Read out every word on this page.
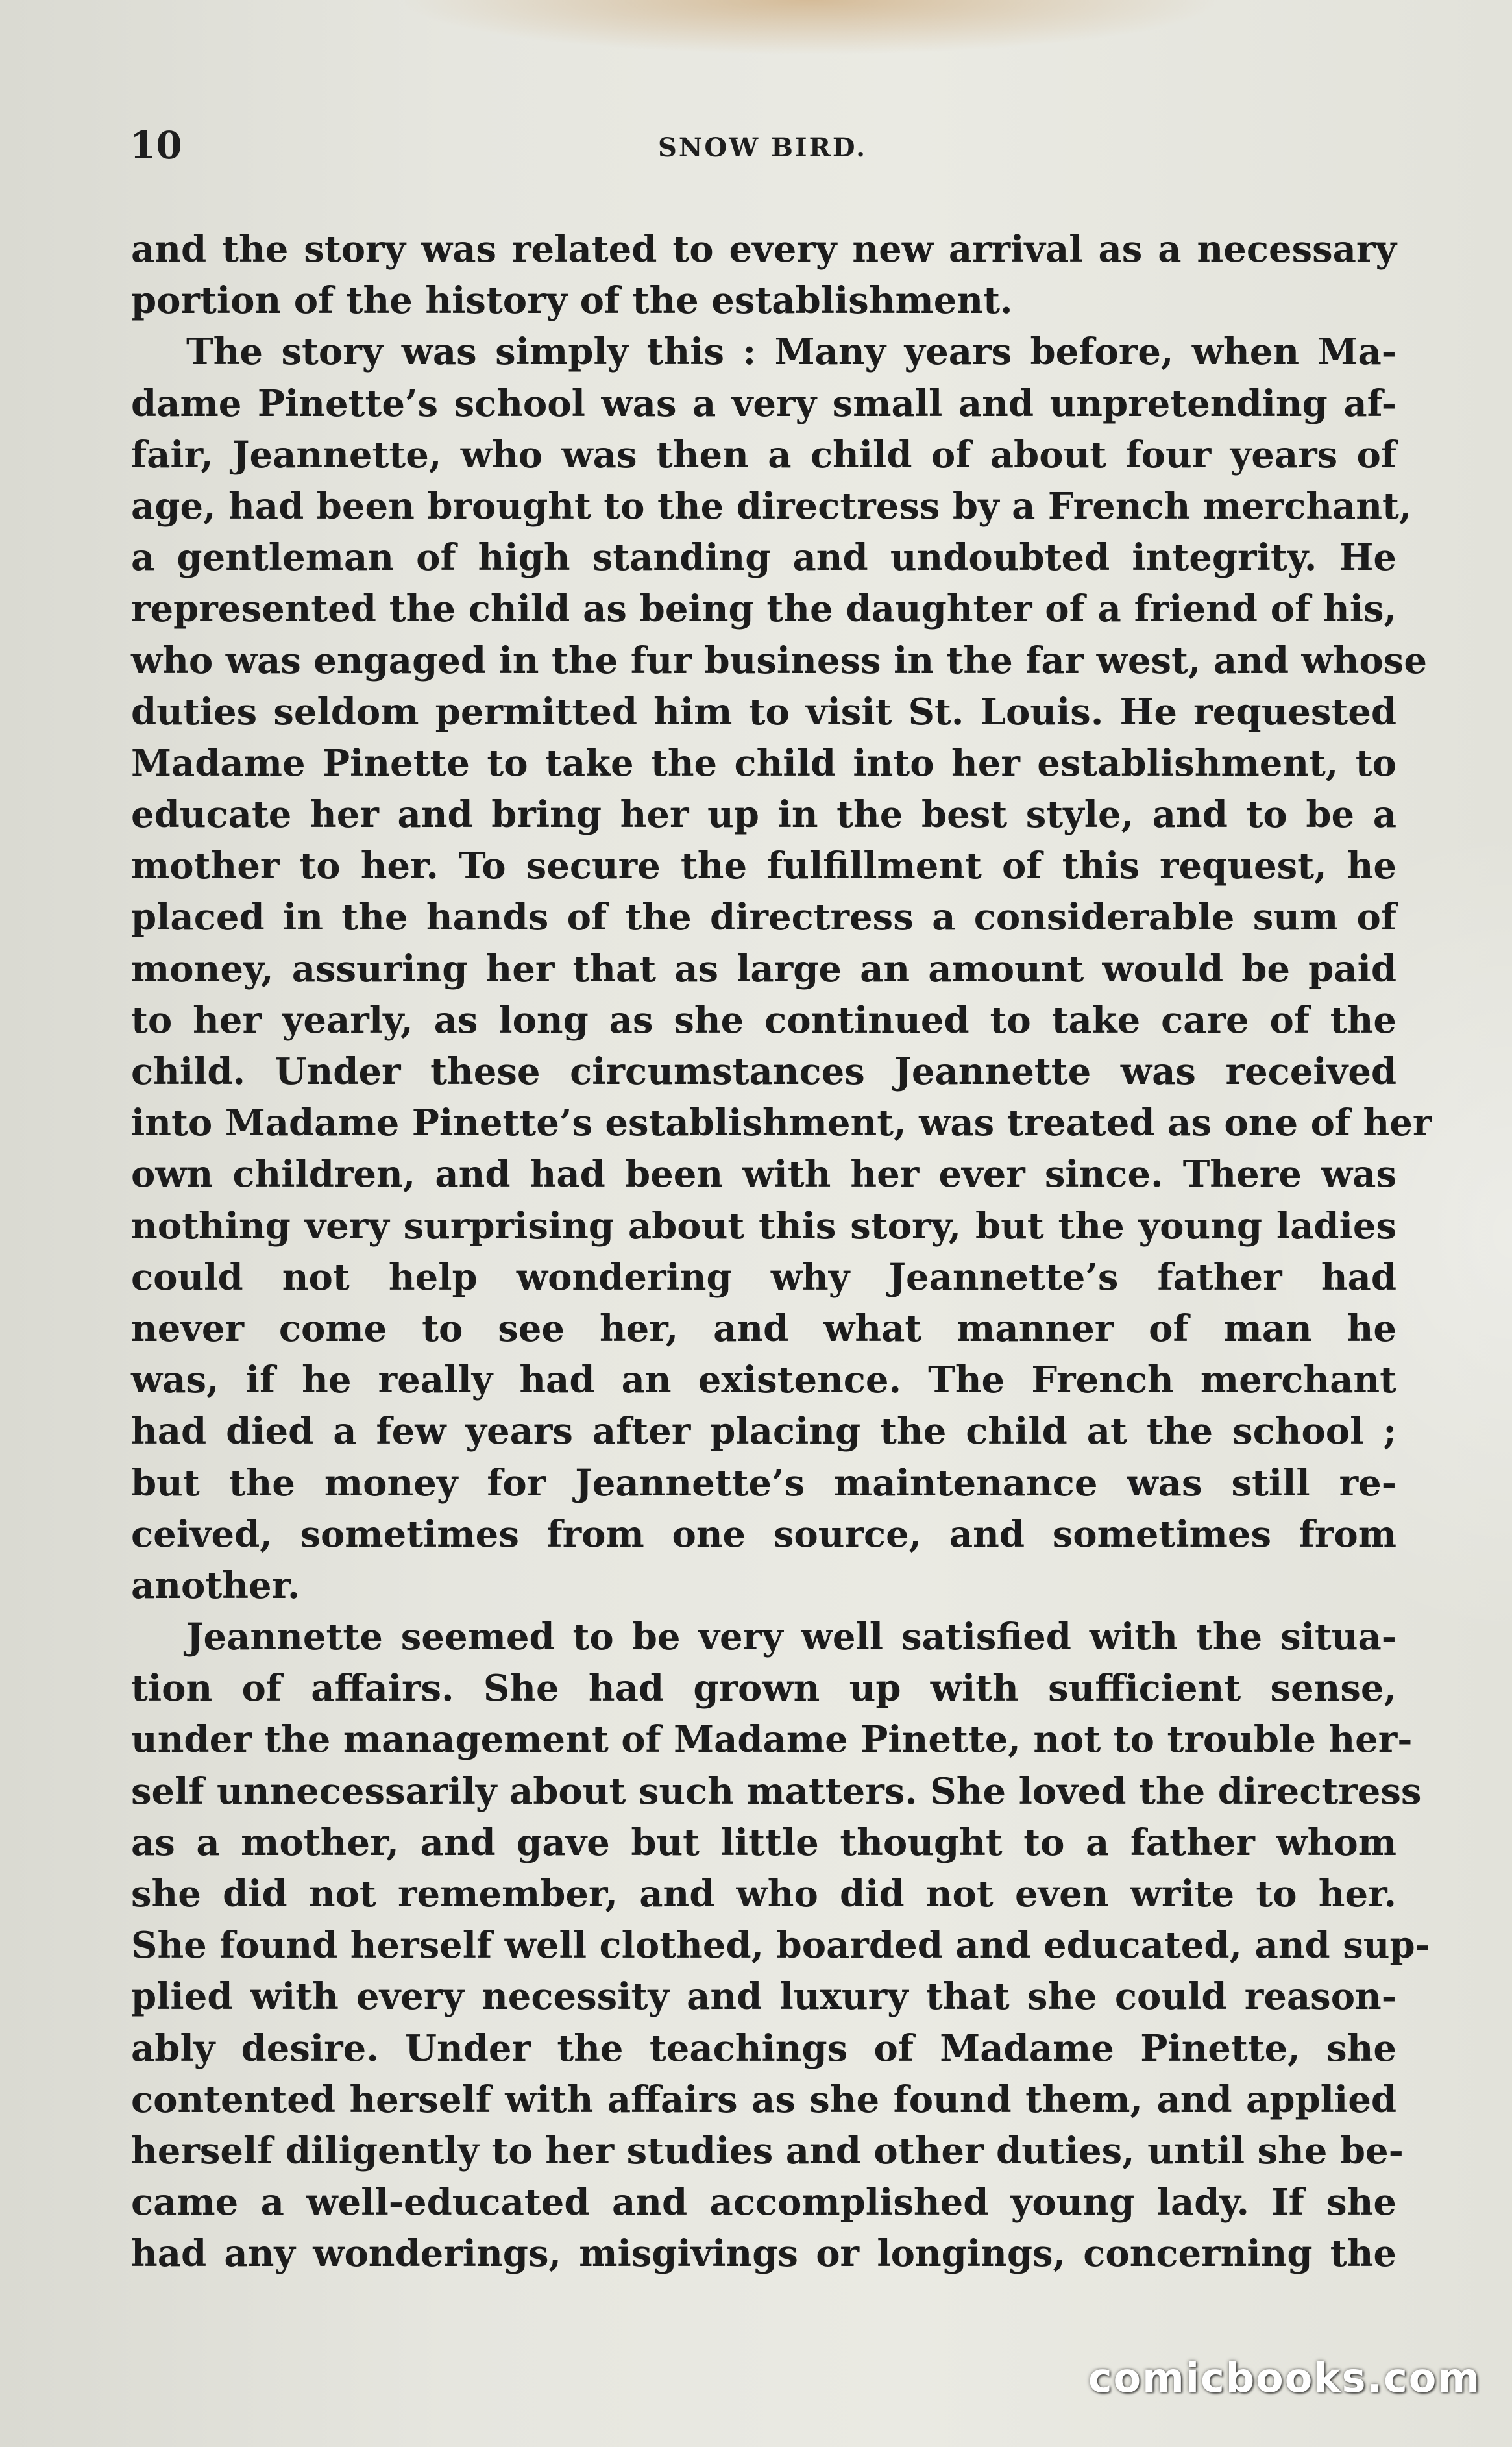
10	SNOW BIRD.
and the story was related to every new arrival as a necessary
portion of the history of the establishment.
The story was simply this : Many years before, when Ma-
dame Pinette’s school was a very small and unpretending af-
fair, Jeannette, who was then a child of about four years of
age, had been brought to the directress by a French merchant,
a gentleman of high standing and undoubted integrity. He
represented the child as being the daughter of a friend of his,
who was engaged in the fur business in the far west, and whose
duties seldom permitted him to visit St. Louis. He requested
Madame Pinette to take the child into her establishment, to
educate her and bring her up in the best style, and to be a
mother to her. To secure the fulfillment of this request, he
placed in the hands of the directress a considerable sum of
money, assuring her that as large an amount would be paid
to her yearly, as long as she continued to take care of the
child. Under these circumstances Jeannette was received
into Madame Pinette’s establishment, was treated as one of her
own children, and had been with her ever since. There was
nothing very surprising about this story, but the young ladies
could not help wondering why Jeannette’s father had
never come to see her, and what manner of man he
was, if he really had an existence. The French merchant
had died a few years after placing the child at the school ;
but the money for Jeannette’s maintenance was still re-
ceived, sometimes from one source, and sometimes from
another.
Jeannette seemed to be very well satisfied with the situa-
tion of affairs. She had grown up with sufficient sense,
under the management of Madame Pinette, not to trouble her-
self unnecessarily about such matters. She loved the directress
as a mother, and gave but little thought to a father whom
she did not remember, and who did not even write to her.
She found herself well clothed, boarded and educated, and sup-
plied with every necessity and luxury that she could reason-
ably desire. Under the teachings of Madame Pinette, she
contented herself with affairs as she found them, and applied
herself diligently to her studies and other duties, until she be-
came a well-educated and accomplished young lady. If she
had any wonderings, misgivings or longings, concerning the
comicbooks.com
